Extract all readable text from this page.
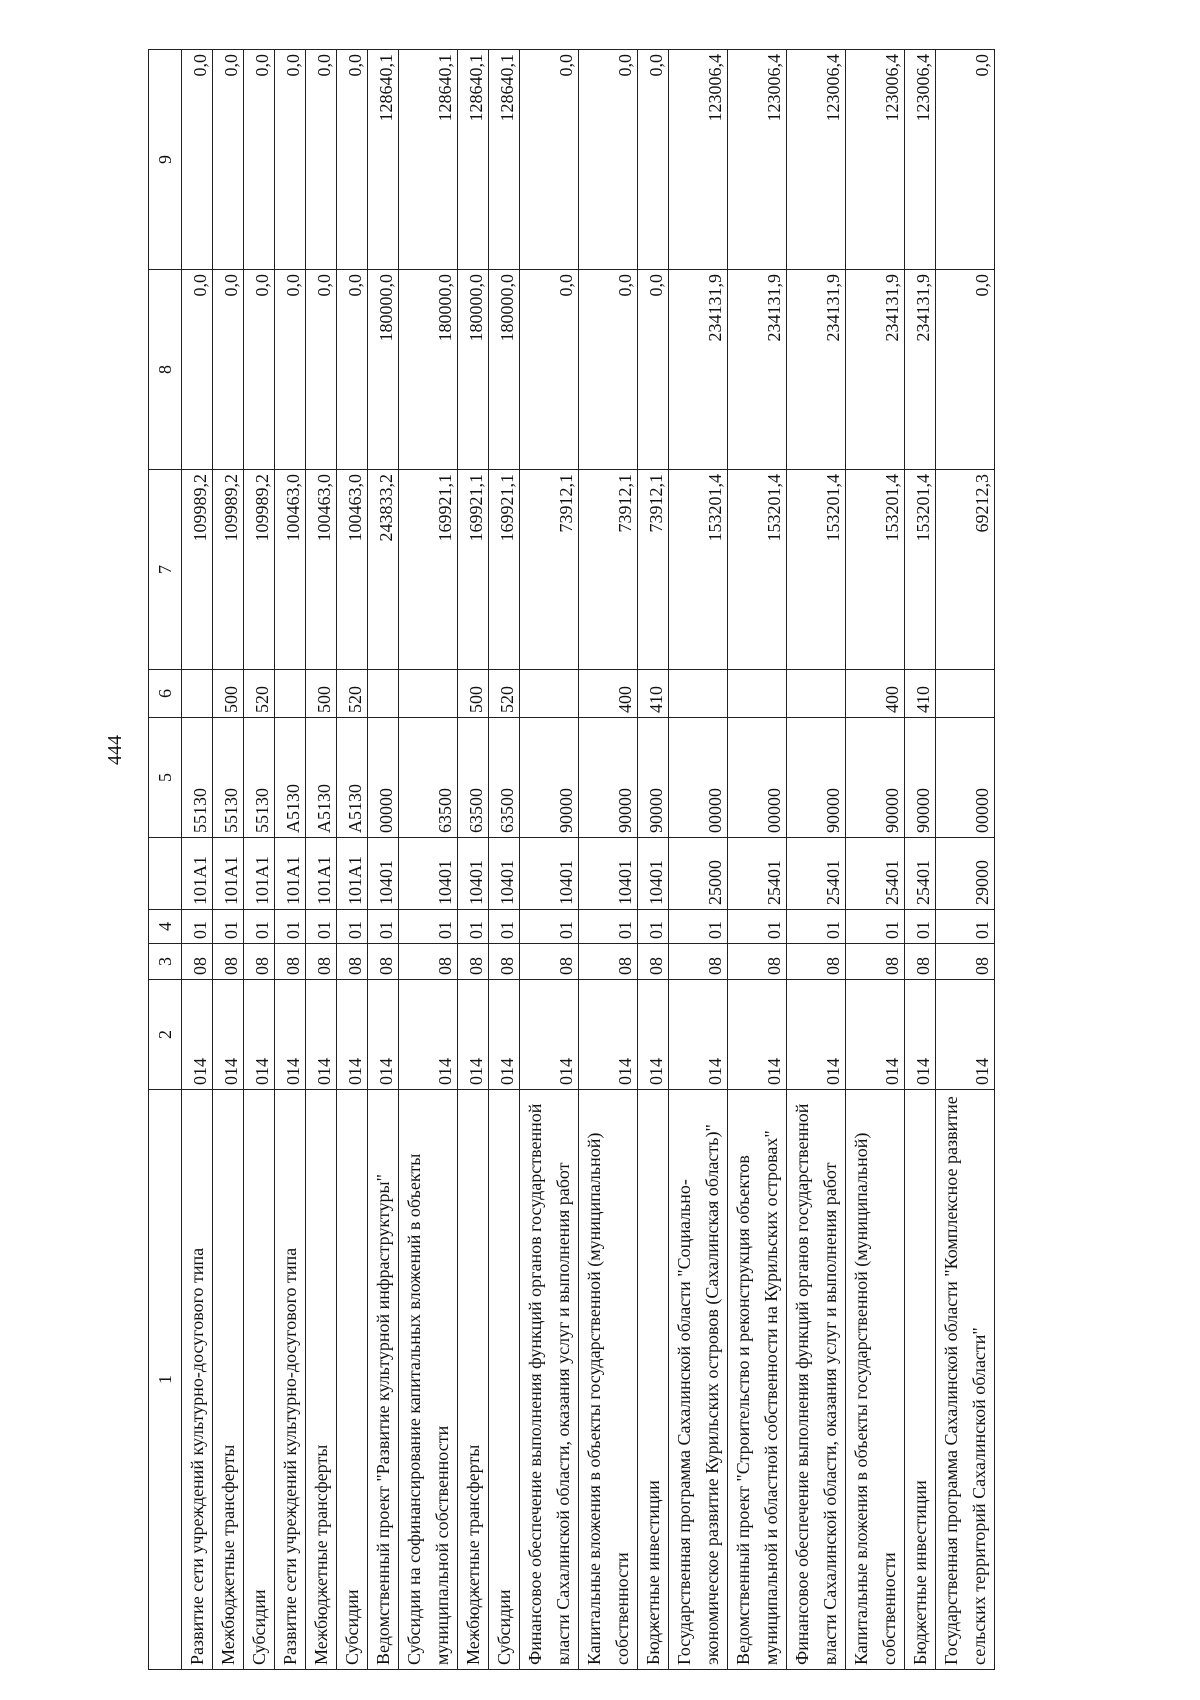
444
1	2	3	4		5	6	7	8	9
Развитие сети учреждений культурно-досугового типа	014	08	01	101A1	55130		109989,2	0,0	0,0
Межбюджетные трансферты	014	08	01	101A1	55130	500	109989,2	0,0	0,0
Субсидии	014	08	01	101A1	55130	520	109989,2	0,0	0,0
Развитие сети учреждений культурно-досугового типа	014	08	01	101A1	A5130		100463,0	0,0	0,0
Межбюджетные трансферты	014	08	01	101A1	A5130	500	100463,0	0,0	0,0
Субсидии	014	08	01	101A1	A5130	520	100463,0	0,0	0,0
Ведомственный проект "Развитие культурной инфраструктуры"	014	08	01	10401	00000		243833,2	180000,0	128640,1
Субсидии на софинансирование капитальных вложений в объекты муниципальной собственности	014	08	01	10401	63500		169921,1	180000,0	128640,1
Межбюджетные трансферты	014	08	01	10401	63500	500	169921,1	180000,0	128640,1
Субсидии	014	08	01	10401	63500	520	169921,1	180000,0	128640,1
Финансовое обеспечение выполнения функций органов государственной власти Сахалинской области, оказания услуг и выполнения работ	014	08	01	10401	90000		73912,1	0,0	0,0
Капитальные вложения в объекты государственной (муниципальной) собственности	014	08	01	10401	90000	400	73912,1	0,0	0,0
Бюджетные инвестиции	014	08	01	10401	90000	410	73912,1	0,0	0,0
Государственная программа Сахалинской области "Социально-экономическое развитие Курильских островов (Сахалинская область)"	014	08	01	25000	00000		153201,4	234131,9	123006,4
Ведомственный проект "Строительство и реконструкция объектов муниципальной и областной собственности на Курильских островах"	014	08	01	25401	00000		153201,4	234131,9	123006,4
Финансовое обеспечение выполнения функций органов государственной власти Сахалинской области, оказания услуг и выполнения работ	014	08	01	25401	90000		153201,4	234131,9	123006,4
Капитальные вложения в объекты государственной (муниципальной) собственности	014	08	01	25401	90000	400	153201,4	234131,9	123006,4
Бюджетные инвестиции	014	08	01	25401	90000	410	153201,4	234131,9	123006,4
Государственная программа Сахалинской области "Комплексное развитие сельских территорий Сахалинской области"	014	08	01	29000	00000		69212,3	0,0	0,0
